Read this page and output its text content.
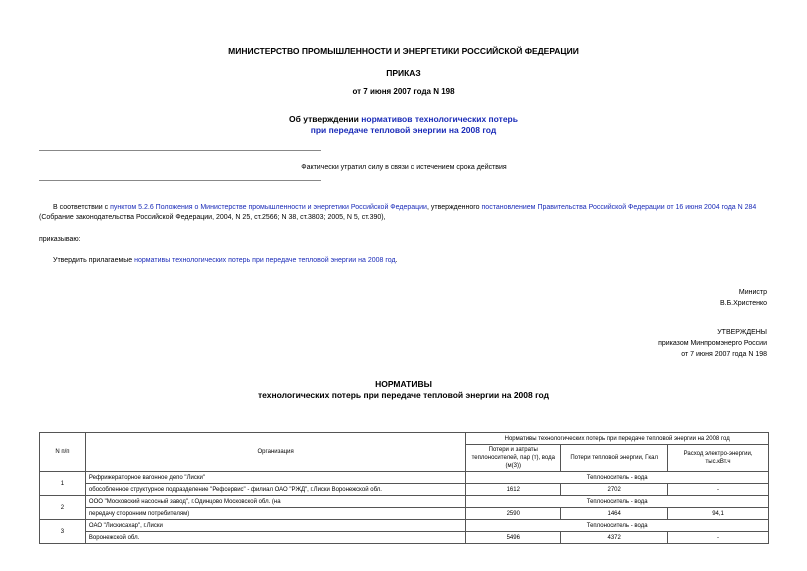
МИНИСТЕРСТВО ПРОМЫШЛЕННОСТИ И ЭНЕРГЕТИКИ РОССИЙСКОЙ ФЕДЕРАЦИИ
ПРИКАЗ
от 7 июня 2007 года N 198
Об утверждении нормативов технологических потерь
при передаче тепловой энергии на 2008 год
Фактически утратил силу в связи с истечением срока действия
В соответствии с пунктом 5.2.6 Положения о Министерстве промышленности и энергетики Российской Федерации, утвержденного постановлением Правительства Российской Федерации от 16 июня 2004 года N 284 (Собрание законодательства Российской Федерации, 2004, N 25, ст.2566; N 38, ст.3803; 2005, N 5, ст.390),
приказываю:
Утвердить прилагаемые нормативы технологических потерь при передаче тепловой энергии на 2008 год.
Министр
В.Б.Христенко
УТВЕРЖДЕНЫ
приказом Минпромэнерго России
от 7 июня 2007 года N 198
НОРМАТИВЫ
технологических потерь при передаче тепловой энергии на 2008 год
N п/п	Организация	Нормативы технологических потерь при передаче тепловой энергии на 2008 год		
		Потери и затраты теплоносителей, пар (т), вода (м(3))	Потери тепловой энергии, Гкал	Расход электро-энергии, тыс.кВт.ч
1	Рефрижераторное вагонное депо "Лиски"	Теплоноситель - вода		
	обособленное структурное подразделение "Рефсервис" - филиал ОАО "РЖД", г.Лиски Воронежской обл.	1612	2702	-
2	ООО "Московский насосный завод", г.Одинцово Московской обл. (на	Теплоноситель - вода		
	передачу сторонним потребителям)	2590	1464	94,1
3	ОАО "Лискисахар", г.Лиски	Теплоноситель - вода		
	Воронежской обл.	5496	4372	-
